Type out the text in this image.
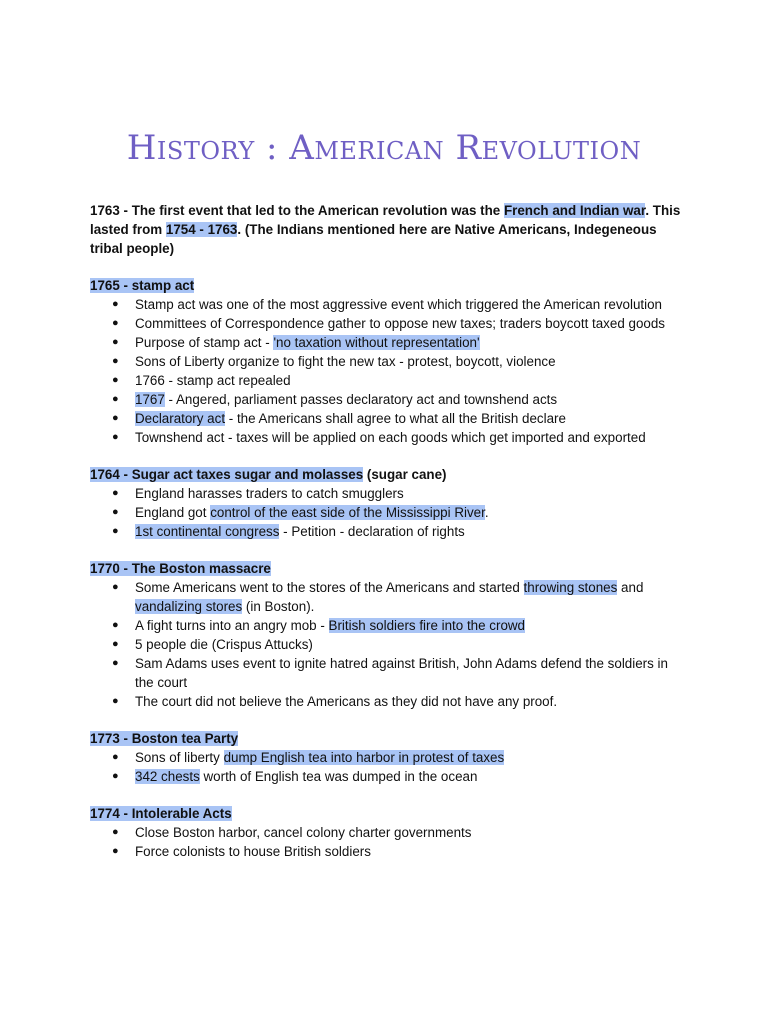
History : American Revolution

1763 - The first event that led to the American revolution was the French and Indian war. This lasted from 1754 - 1763. (The Indians mentioned here are Native Americans, Indegeneous tribal people)

1765 - stamp act

● Stamp act was one of the most aggressive event which triggered the American revolution
● Committees of Correspondence gather to oppose new taxes; traders boycott taxed goods
● Purpose of stamp act - 'no taxation without representation'
● Sons of Liberty organize to fight the new tax - protest, boycott, violence
● 1766 - stamp act repealed
● 1767 - Angered, parliament passes declaratory act and townshend acts
● Declaratory act - the Americans shall agree to what all the British declare
● Townshend act - taxes will be applied on each goods which get imported and exported

1764 - Sugar act taxes sugar and molasses (sugar cane)

● England harasses traders to catch smugglers
● England got control of the east side of the Mississippi River.
● 1st continental congress - Petition - declaration of rights

1770 - The Boston massacre

● Some Americans went to the stores of the Americans and started throwing stones and vandalizing stores (in Boston).
● A fight turns into an angry mob - British soldiers fire into the crowd
● 5 people die (Crispus Attucks)
● Sam Adams uses event to ignite hatred against British, John Adams defend the soldiers in the court
● The court did not believe the Americans as they did not have any proof.

1773 - Boston tea Party

● Sons of liberty dump English tea into harbor in protest of taxes
● 342 chests worth of English tea was dumped in the ocean

1774 - Intolerable Acts

● Close Boston harbor, cancel colony charter governments
● Force colonists to house British soldiers
